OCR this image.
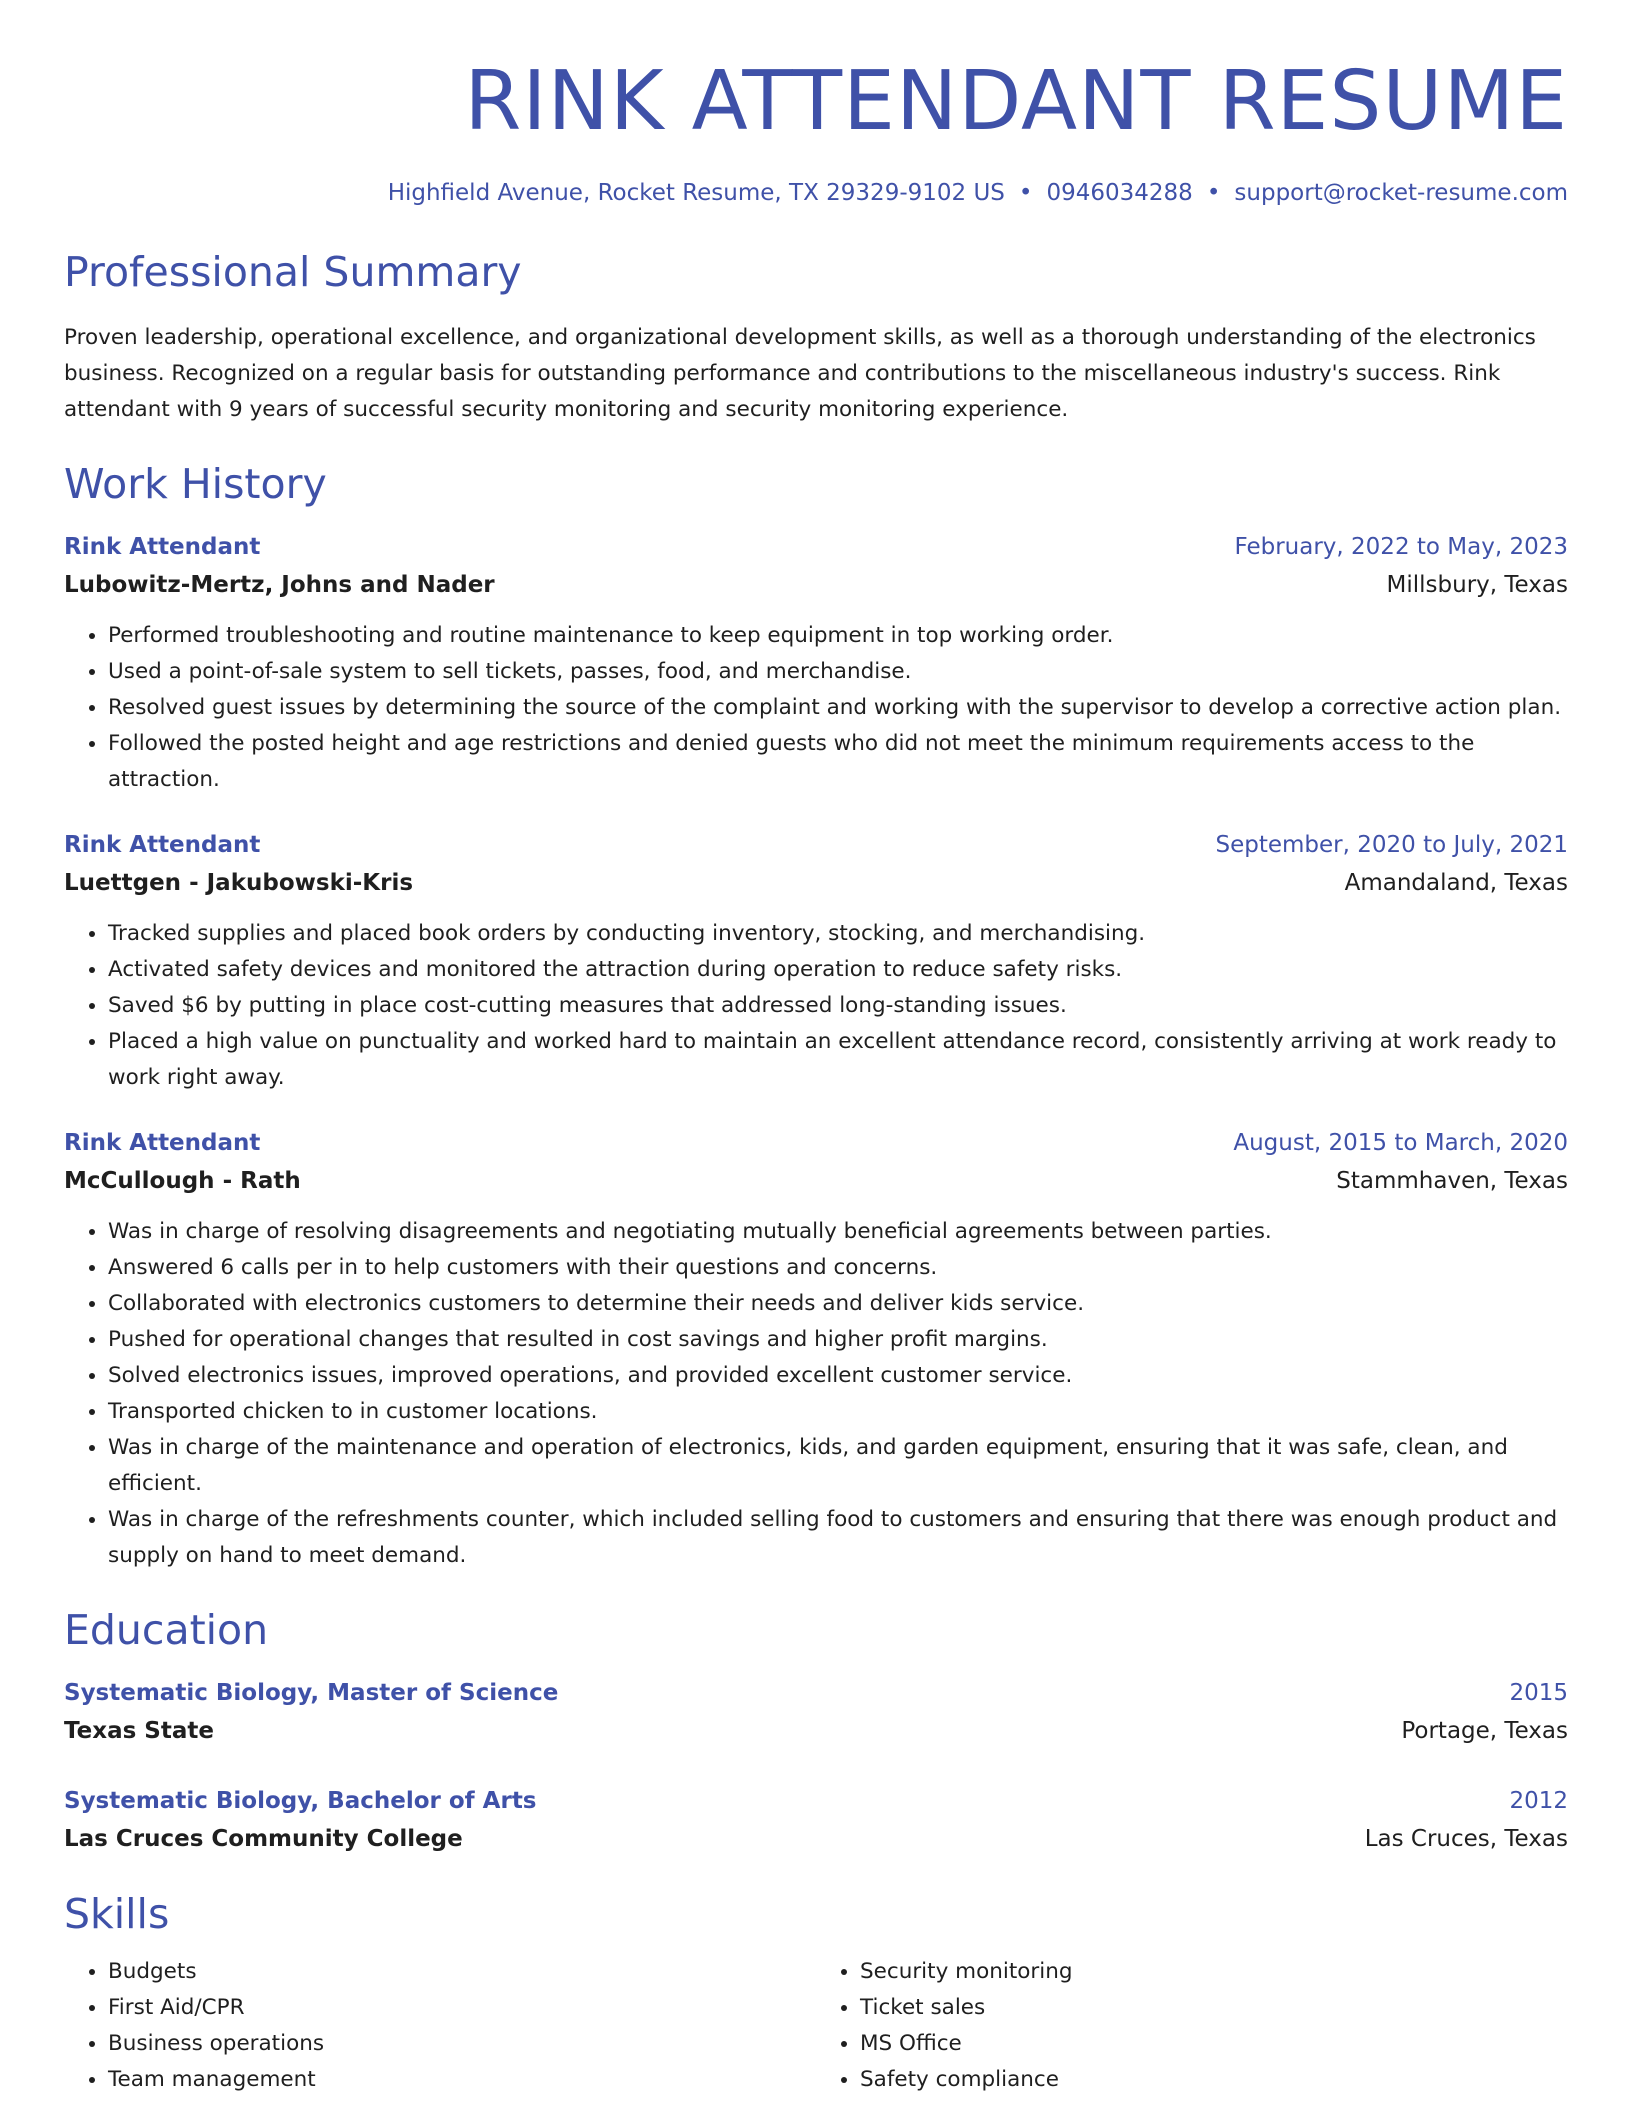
RINK ATTENDANT RESUME
Highfield Avenue, Rocket Resume, TX 29329-9102 US • 0946034288 • support@rocket-resume.com
Professional Summary
Proven leadership, operational excellence, and organizational development skills, as well as a thorough understanding of the electronics business. Recognized on a regular basis for outstanding performance and contributions to the miscellaneous industry's success. Rink attendant with 9 years of successful security monitoring and security monitoring experience.
Work History
Rink Attendant	February, 2022 to May, 2023
Lubowitz-Mertz, Johns and Nader	Millsbury, Texas
• Performed troubleshooting and routine maintenance to keep equipment in top working order.
• Used a point-of-sale system to sell tickets, passes, food, and merchandise.
• Resolved guest issues by determining the source of the complaint and working with the supervisor to develop a corrective action plan.
• Followed the posted height and age restrictions and denied guests who did not meet the minimum requirements access to the attraction.
Rink Attendant	September, 2020 to July, 2021
Luettgen - Jakubowski-Kris	Amandaland, Texas
• Tracked supplies and placed book orders by conducting inventory, stocking, and merchandising.
• Activated safety devices and monitored the attraction during operation to reduce safety risks.
• Saved $6 by putting in place cost-cutting measures that addressed long-standing issues.
• Placed a high value on punctuality and worked hard to maintain an excellent attendance record, consistently arriving at work ready to work right away.
Rink Attendant	August, 2015 to March, 2020
McCullough - Rath	Stammhaven, Texas
• Was in charge of resolving disagreements and negotiating mutually beneficial agreements between parties.
• Answered 6 calls per in to help customers with their questions and concerns.
• Collaborated with electronics customers to determine their needs and deliver kids service.
• Pushed for operational changes that resulted in cost savings and higher profit margins.
• Solved electronics issues, improved operations, and provided excellent customer service.
• Transported chicken to in customer locations.
• Was in charge of the maintenance and operation of electronics, kids, and garden equipment, ensuring that it was safe, clean, and efficient.
• Was in charge of the refreshments counter, which included selling food to customers and ensuring that there was enough product and supply on hand to meet demand.
Education
Systematic Biology, Master of Science	2015
Texas State	Portage, Texas
Systematic Biology, Bachelor of Arts	2012
Las Cruces Community College	Las Cruces, Texas
Skills
• Budgets
• First Aid/CPR
• Business operations
• Team management
• Security monitoring
• Ticket sales
• MS Office
• Safety compliance
